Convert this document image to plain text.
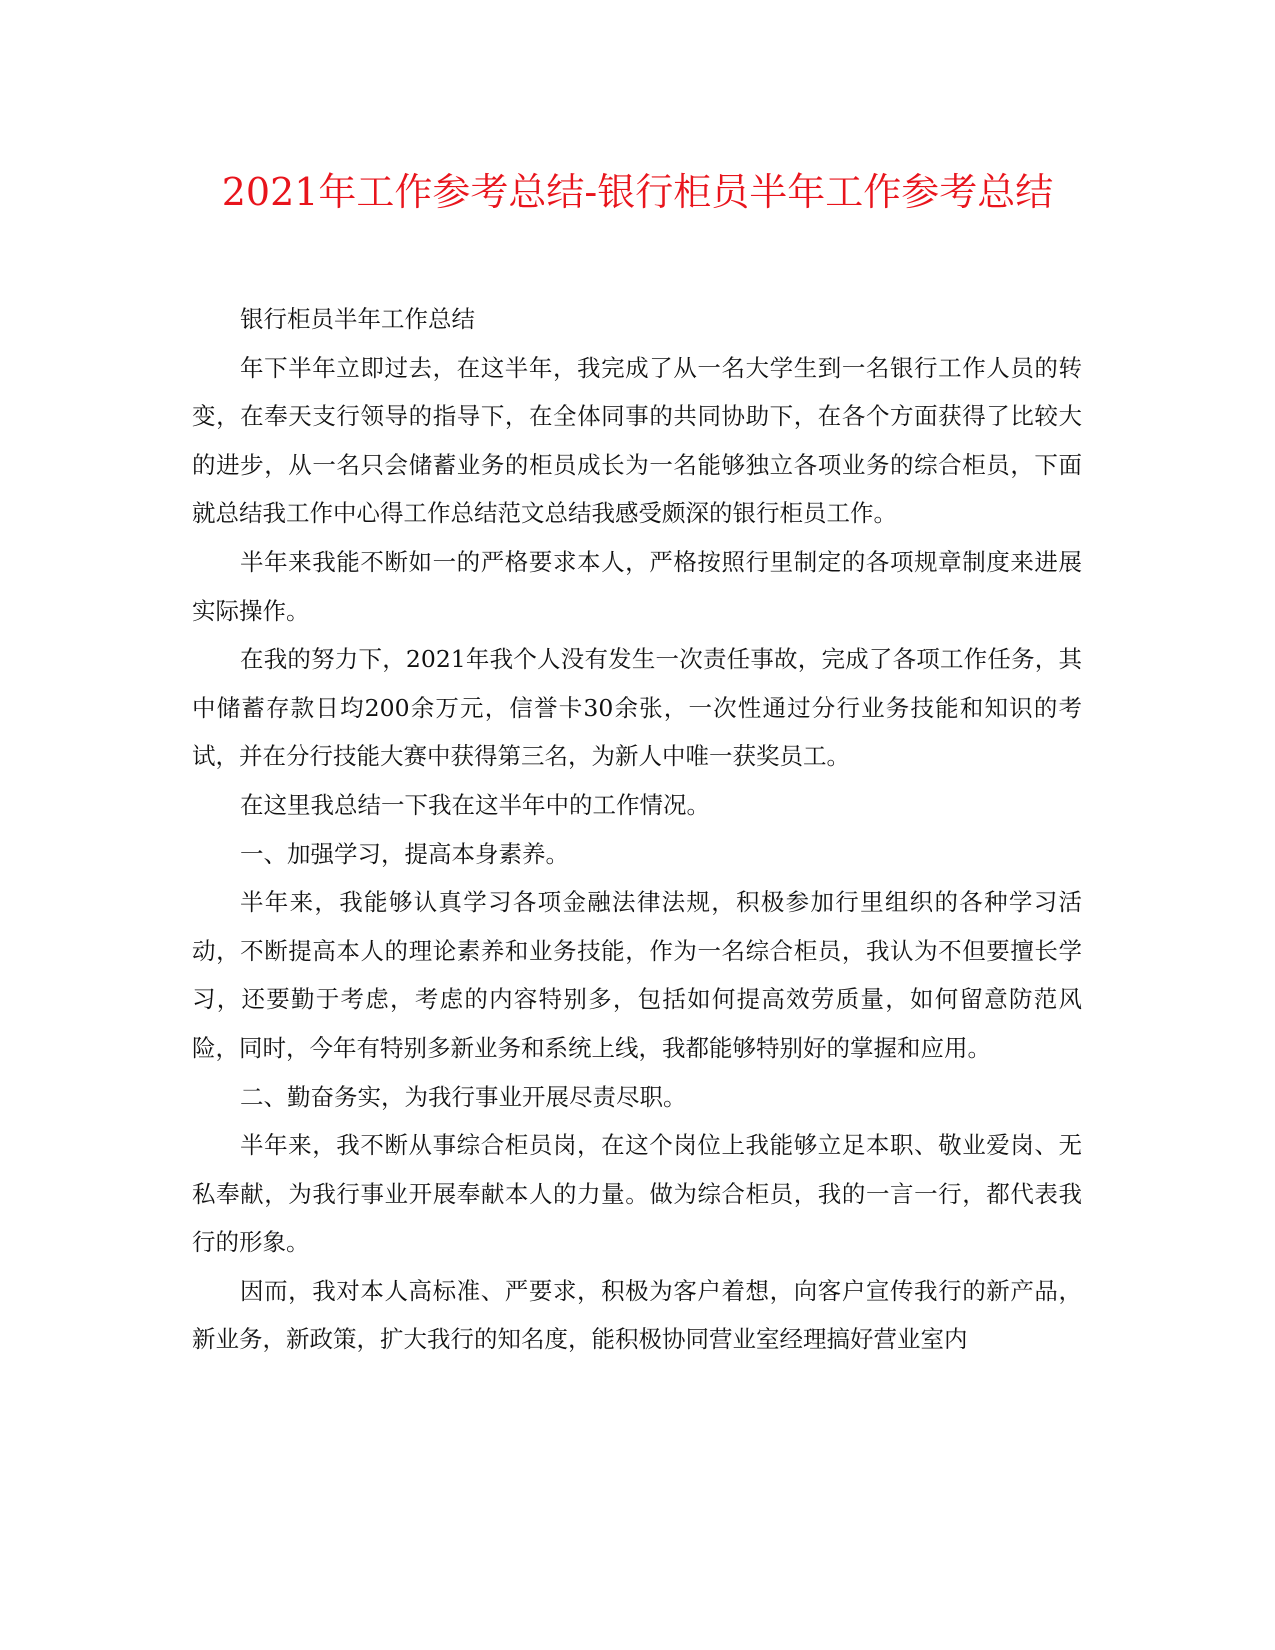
2021年工作参考总结-银行柜员半年工作参考总结

银行柜员半年工作总结

年下半年立即过去，在这半年，我完成了从一名大学生到一名银行工作人员的转变，在奉天支行领导的指导下，在全体同事的共同协助下，在各个方面获得了比较大的进步，从一名只会储蓄业务的柜员成长为一名能够独立各项业务的综合柜员，下面就总结我工作中心得工作总结范文总结我感受颇深的银行柜员工作。

半年来我能不断如一的严格要求本人，严格按照行里制定的各项规章制度来进展实际操作。

在我的努力下，2021年我个人没有发生一次责任事故，完成了各项工作任务，其中储蓄存款日均200余万元，信誉卡30余张，一次性通过分行业务技能和知识的考试，并在分行技能大赛中获得第三名，为新人中唯一获奖员工。

在这里我总结一下我在这半年中的工作情况。

一、加强学习，提高本身素养。

半年来，我能够认真学习各项金融法律法规，积极参加行里组织的各种学习活动，不断提高本人的理论素养和业务技能，作为一名综合柜员，我认为不但要擅长学习，还要勤于考虑，考虑的内容特别多，包括如何提高效劳质量，如何留意防范风险，同时，今年有特别多新业务和系统上线，我都能够特别好的掌握和应用。

二、勤奋务实，为我行事业开展尽责尽职。

半年来，我不断从事综合柜员岗，在这个岗位上我能够立足本职、敬业爱岗、无私奉献，为我行事业开展奉献本人的力量。做为综合柜员，我的一言一行，都代表我行的形象。

因而，我对本人高标准、严要求，积极为客户着想，向客户宣传我行的新产品，新业务，新政策，扩大我行的知名度，能积极协同营业室经理搞好营业室内
